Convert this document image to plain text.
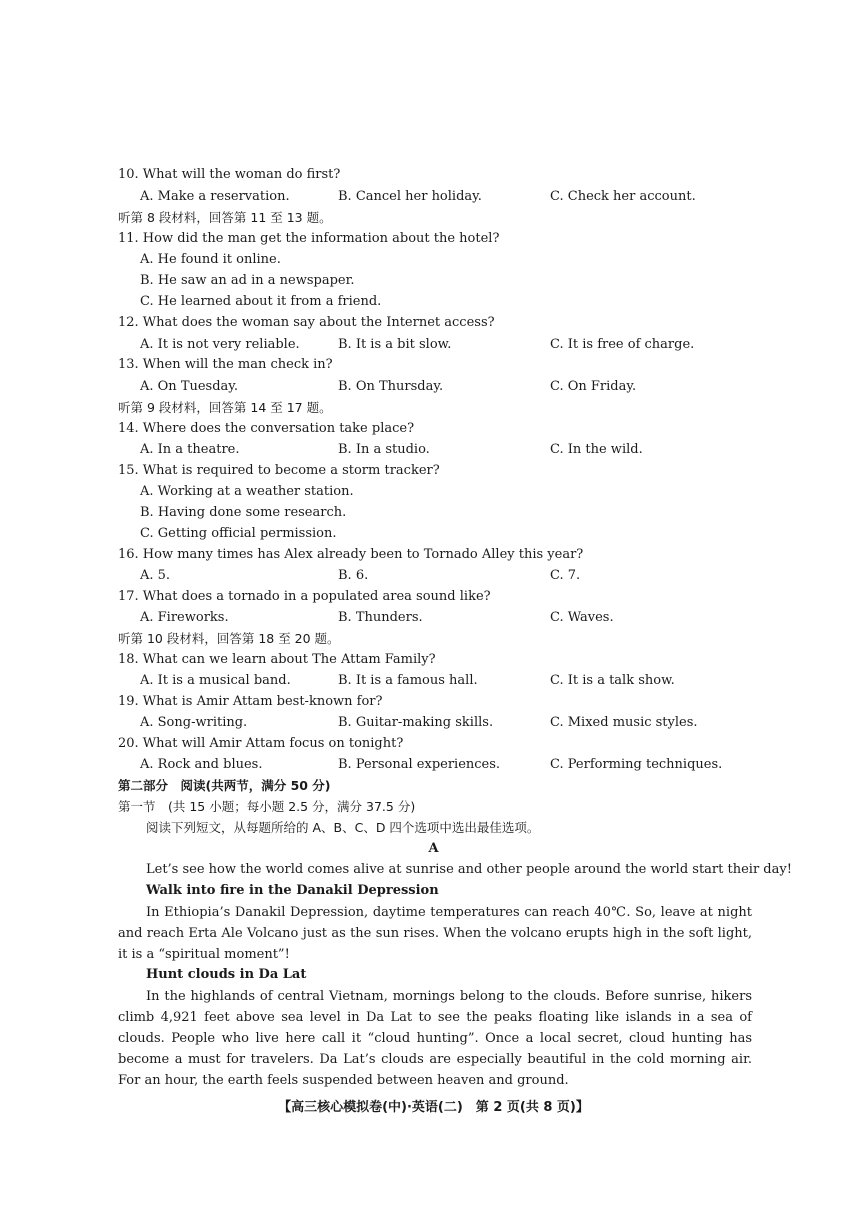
10. What will the woman do first?
A. Make a reservation.	B. Cancel her holiday.	C. Check her account.
听第 8 段材料，回答第 11 至 13 题。
11. How did the man get the information about the hotel?
A. He found it online.
B. He saw an ad in a newspaper.
C. He learned about it from a friend.
12. What does the woman say about the Internet access?
A. It is not very reliable.	B. It is a bit slow.	C. It is free of charge.
13. When will the man check in?
A. On Tuesday.	B. On Thursday.	C. On Friday.
听第 9 段材料，回答第 14 至 17 题。
14. Where does the conversation take place?
A. In a theatre.	B. In a studio.	C. In the wild.
15. What is required to become a storm tracker?
A. Working at a weather station.
B. Having done some research.
C. Getting official permission.
16. How many times has Alex already been to Tornado Alley this year?
A. 5.	B. 6.	C. 7.
17. What does a tornado in a populated area sound like?
A. Fireworks.	B. Thunders.	C. Waves.
听第 10 段材料，回答第 18 至 20 题。
18. What can we learn about The Attam Family?
A. It is a musical band.	B. It is a famous hall.	C. It is a talk show.
19. What is Amir Attam best-known for?
A. Song-writing.	B. Guitar-making skills.	C. Mixed music styles.
20. What will Amir Attam focus on tonight?
A. Rock and blues.	B. Personal experiences.	C. Performing techniques.
第二部分　阅读(共两节，满分 50 分)
第一节　(共 15 小题；每小题 2.5 分，满分 37.5 分)
阅读下列短文，从每题所给的 A、B、C、D 四个选项中选出最佳选项。
A
Let’s see how the world comes alive at sunrise and other people around the world start their day!
Walk into fire in the Danakil Depression
In Ethiopia’s Danakil Depression, daytime temperatures can reach 40℃. So, leave at night and reach Erta Ale Volcano just as the sun rises. When the volcano erupts high in the soft light, it is a “spiritual moment”!
Hunt clouds in Da Lat
In the highlands of central Vietnam, mornings belong to the clouds. Before sunrise, hikers climb 4,921 feet above sea level in Da Lat to see the peaks floating like islands in a sea of clouds. People who live here call it “cloud hunting”. Once a local secret, cloud hunting has become a must for travelers. Da Lat’s clouds are especially beautiful in the cold morning air. For an hour, the earth feels suspended between heaven and ground.
【高三核心模拟卷(中)·英语(二)　第 2 页(共 8 页)】
